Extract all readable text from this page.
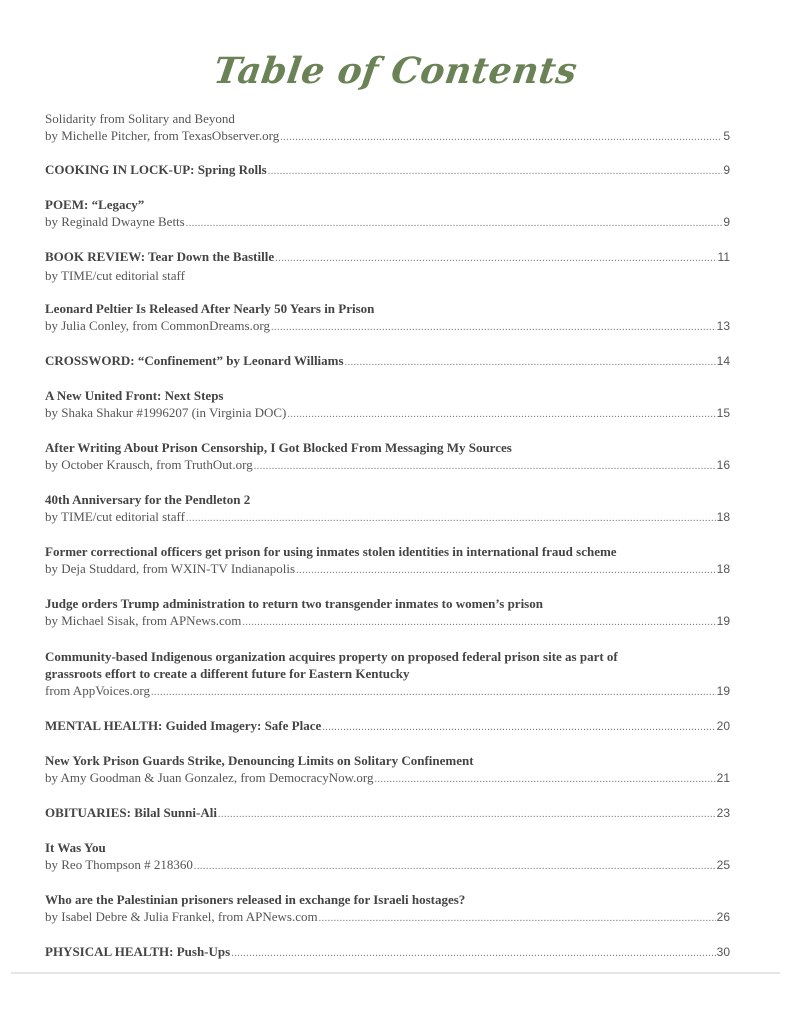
Table of Contents
Solidarity from Solitary and Beyond
by Michelle Pitcher, from TexasObserver.org .....	5
COOKING IN LOCK-UP: Spring Rolls .....	9
POEM: “Legacy”
by Reginald Dwayne Betts .....	9
BOOK REVIEW: Tear Down the Bastille .....	11
by TIME/cut editorial staff
Leonard Peltier Is Released After Nearly 50 Years in Prison
by Julia Conley, from CommonDreams.org .....	13
CROSSWORD: “Confinement” by Leonard Williams .....	14
A New United Front: Next Steps
by Shaka Shakur #1996207 (in Virginia DOC) .....	15
After Writing About Prison Censorship, I Got Blocked From Messaging My Sources
by October Krausch, from TruthOut.org .....	16
40th Anniversary for the Pendleton 2
by TIME/cut editorial staff .....	18
Former correctional officers get prison for using inmates stolen identities in international fraud scheme
by Deja Studdard, from WXIN-TV Indianapolis .....	18
Judge orders Trump administration to return two transgender inmates to women’s prison
by Michael Sisak, from APNews.com .....	19
Community-based Indigenous organization acquires property on proposed federal prison site as part of
grassroots effort to create a different future for Eastern Kentucky
from AppVoices.org .....	19
MENTAL HEALTH: Guided Imagery: Safe Place .....	20
New York Prison Guards Strike, Denouncing Limits on Solitary Confinement
by Amy Goodman & Juan Gonzalez, from DemocracyNow.org .....	21
OBITUARIES: Bilal Sunni-Ali .....	23
It Was You
by Reo Thompson # 218360 .....	25
Who are the Palestinian prisoners released in exchange for Israeli hostages?
by Isabel Debre & Julia Frankel, from APNews.com .....	26
PHYSICAL HEALTH: Push-Ups .....	30
